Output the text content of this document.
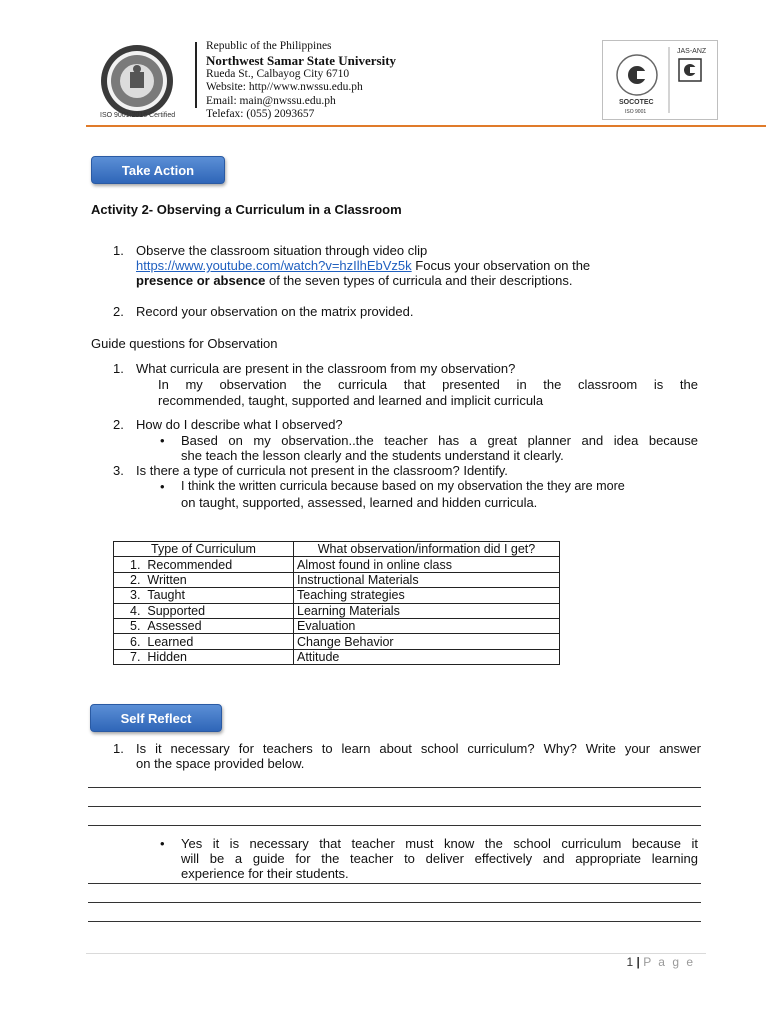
ISO 9001:2015 Certified
Republic of the Philippines
Northwest Samar State University
Rueda St., Calbayog City 6710
Website: http//www.nwssu.edu.ph
Email: main@nwssu.edu.ph
Telefax: (055) 2093657
SOCOTEC
ISO 9001
JAS-ANZ
Take Action
Activity 2- Observing a Curriculum in a Classroom
1. Observe the classroom situation through video clip
https://www.youtube.com/watch?v=hzIlhEbVz5k Focus your observation on the
presence or absence of the seven types of curricula and their descriptions.
2. Record your observation on the matrix provided.
Guide questions for Observation
1. What curricula are present in the classroom from my observation?
In my observation the curricula that presented in the classroom is the
recommended, taught, supported and learned and implicit curricula
2. How do I describe what I observed?
• Based on my observation..the teacher has a great planner and idea because
she teach the lesson clearly and the students understand it clearly.
3. Is there a type of curricula not present in the classroom? Identify.
• I think the written curricula because based on my observation the they are more
on taught, supported, assessed, learned and hidden curricula.
Type of Curriculum	What observation/information did I get?
1. Recommended	Almost found in online class
2. Written	Instructional Materials
3. Taught	Teaching strategies
4. Supported	Learning Materials
5. Assessed	Evaluation
6. Learned	Change Behavior
7. Hidden	Attitude
Self Reflect
1. Is it necessary for teachers to learn about school curriculum? Why? Write your answer
on the space provided below.
• Yes it is necessary that teacher must know the school curriculum because it
will be a guide for the teacher to deliver effectively and appropriate learning
experience for their students.
1 | P a g e
